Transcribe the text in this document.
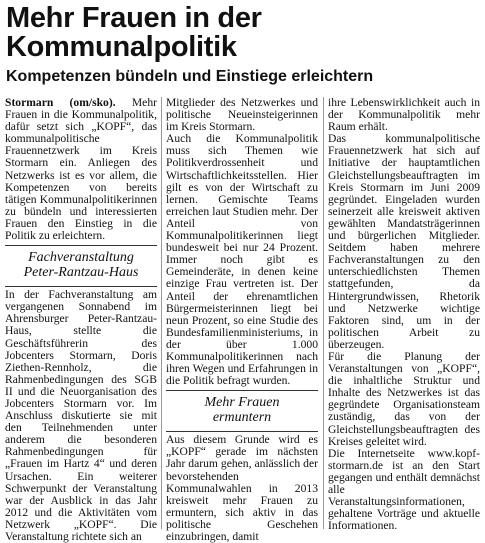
Mehr Frauen in der
Kommunalpolitik
Kompetenzen bündeln und Einstiege erleichtern

Stormarn (om/sko). Mehr Frauen in die Kommunalpolitik, dafür setzt sich „KOPF“, das kommunalpolitische Frauennetzwerk im Kreis Stormarn ein. Anliegen des Netzwerks ist es vor allem, die Kompetenzen von bereits tätigen Kommunalpolitikerinnen zu bündeln und interessierten Frauen den Einstieg in die Politik zu erleichtern.

Fachveranstaltung
Peter-Rantzau-Haus

In der Fachveranstaltung am vergangenen Sonnabend im Ahrensburger Peter-Rantzau-Haus, stellte die Geschäftsführerin des Jobcenters Stormarn, Doris Ziethen-Rennholz, die Rahmenbedingungen des SGB II und die Neuorganisation des Jobcenters Stormarn vor. Im Anschluss diskutierte sie mit den Teilnehmenden unter anderem die besonderen Rahmenbedingungen für „Frauen im Hartz 4“ und deren Ursachen. Ein weiterer Schwerpunkt der Veranstaltung war der Ausblick in das Jahr 2012 und die Aktivitäten vom Netzwerk „KOPF“. Die Veranstaltung richtete sich an

Mitglieder des Netzwerkes und politische Neueinsteigerinnen im Kreis Stormarn.

Auch die Kommunalpolitik muss sich Themen wie Politikverdrossenheit und Wirtschaftlichkeitsstellen. Hier gilt es von der Wirtschaft zu lernen. Gemischte Teams erreichen laut Studien mehr. Der Anteil von Kommunalpolitikerinnen liegt bundesweit bei nur 24 Prozent. Immer noch gibt es Gemeinderäte, in denen keine einzige Frau vertreten ist. Der Anteil der ehrenamtlichen Bürgermeisterinnen liegt bei neun Prozent, so eine Studie des Bundesfamilienministeriums, in der über 1.000 Kommunalpolitikerinnen nach ihren Wegen und Erfahrungen in die Politik befragt wurden.

Mehr Frauen
ermuntern

Aus diesem Grunde wird es „KOPF“ gerade im nächsten Jahr darum gehen, anlässlich der bevorstehenden Kommunalwahlen in 2013 kreisweit mehr Frauen zu ermuntern, sich aktiv in das politische Geschehen einzubringen, damit

ihre Lebenswirklichkeit auch in der Kommunalpolitik mehr Raum erhält.

Das kommunalpolitische Frauennetzwerk hat sich auf Initiative der hauptamtlichen Gleichstellungsbeauftragten im Kreis Stormarn im Juni 2009 gegründet. Eingeladen wurden seinerzeit alle kreisweit aktiven gewählten Mandatsträgerinnen und bürgerlichen Mitglieder. Seitdem haben mehrere Fachveranstaltungen zu den unterschiedlichsten Themen stattgefunden, da Hintergrundwissen, Rhetorik und Netzwerke wichtige Faktoren sind, um in der politischen Arbeit zu überzeugen.

Für die Planung der Veranstaltungen von „KOPF“, die inhaltliche Struktur und Inhalte des Netzwerkes ist das gegründete Organisationsteam zuständig, das von der Gleichstellungsbeauftragten des Kreises geleitet wird.

Die Internetseite www.kopf-stormarn.de ist an den Start gegangen und enthält demnächst alle Veranstaltungsinformationen, gehaltene Vorträge und aktuelle Informationen.
